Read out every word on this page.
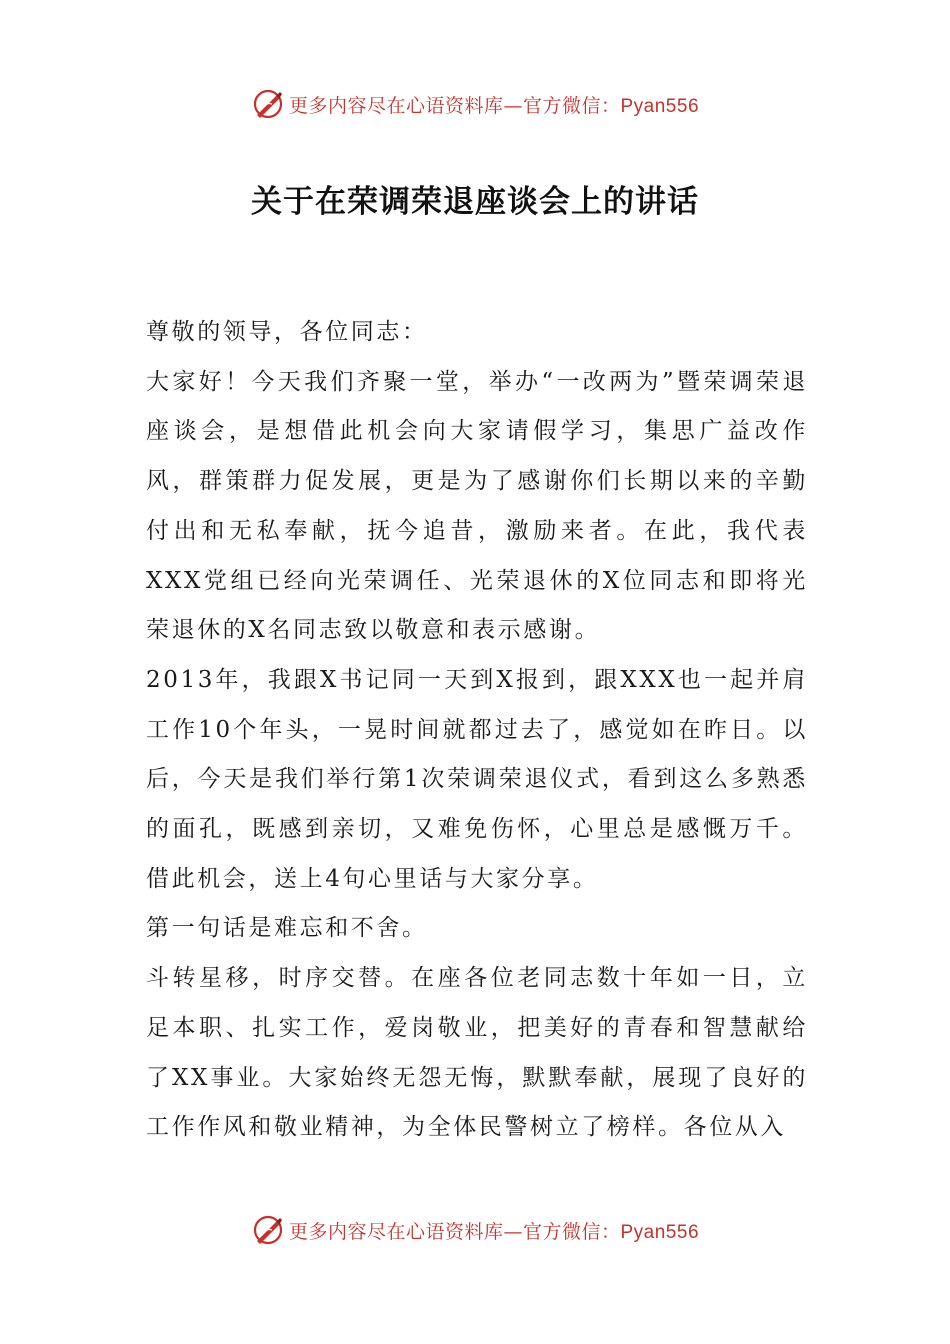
更多内容尽在心语资料库—官方微信：Pyan556
关于在荣调荣退座谈会上的讲话

尊敬的领导，各位同志：

大家好！今天我们齐聚一堂，举办“一改两为”暨荣调荣退座谈会，是想借此机会向大家请假学习，集思广益改作风，群策群力促发展，更是为了感谢你们长期以来的辛勤付出和无私奉献，抚今追昔，激励来者。在此，我代表XXX党组已经向光荣调任、光荣退休的X位同志和即将光荣退休的X名同志致以敬意和表示感谢。

2013年，我跟X书记同一天到X报到，跟XXX也一起并肩工作10个年头，一晃时间就都过去了，感觉如在昨日。以后，今天是我们举行第1次荣调荣退仪式，看到这么多熟悉的面孔，既感到亲切，又难免伤怀，心里总是感慨万千。借此机会，送上4句心里话与大家分享。

第一句话是难忘和不舍。

斗转星移，时序交替。在座各位老同志数十年如一日，立足本职、扎实工作，爱岗敬业，把美好的青春和智慧献给了XX事业。大家始终无怨无悔，默默奉献，展现了良好的工作作风和敬业精神，为全体民警树立了榜样。各位从入

更多内容尽在心语资料库—官方微信：Pyan556
